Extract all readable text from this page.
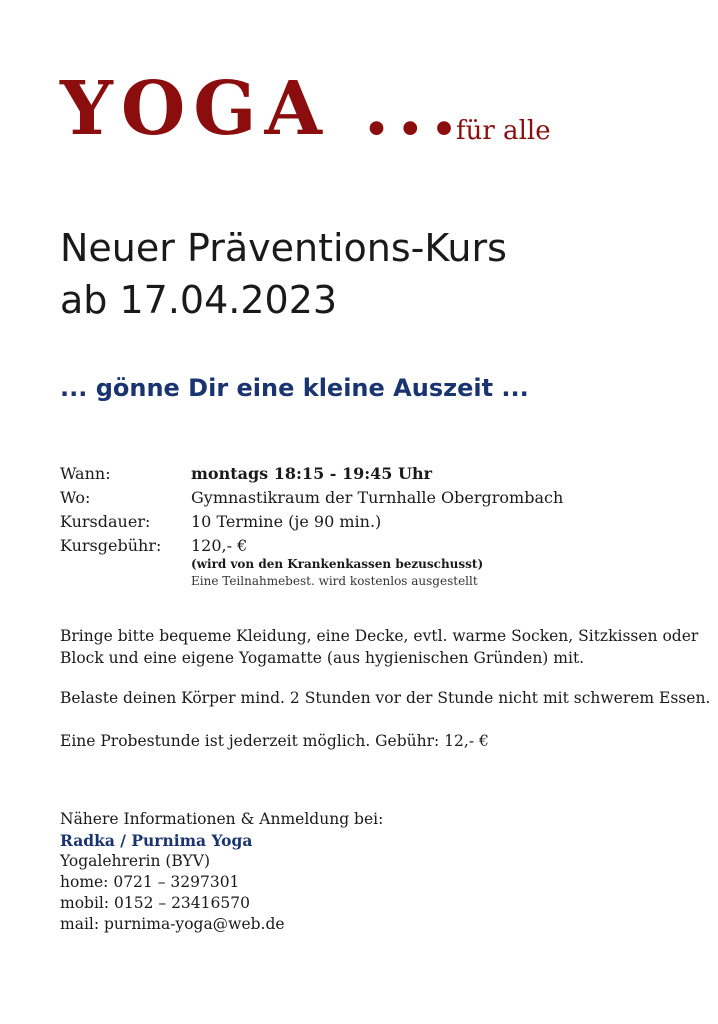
YOGA ...
für alle
Neuer Präventions-Kurs
ab 17.04.2023
... gönne Dir eine kleine Auszeit ...
Wann:	montags 18:15 - 19:45 Uhr
Wo:	Gymnastikraum der Turnhalle Obergrombach
Kursdauer:	10 Termine (je 90 min.)
Kursgebühr: 120,- €
(wird von den Krankenkassen bezuschusst)
Eine Teilnahmebest. wird kostenlos ausgestellt
Bringe bitte bequeme Kleidung, eine Decke, evtl. warme Socken, Sitzkissen oder
Block und eine eigene Yogamatte (aus hygienischen Gründen) mit.
Belaste deinen Körper mind. 2 Stunden vor der Stunde nicht mit schwerem Essen.
Eine Probestunde ist jederzeit möglich. Gebühr: 12,- €
Nähere Informationen & Anmeldung bei:
Radka / Purnima Yoga
Yogalehrerin (BYV)
home: 0721 – 3297301
mobil: 0152 – 23416570
mail: purnima-yoga@web.de
